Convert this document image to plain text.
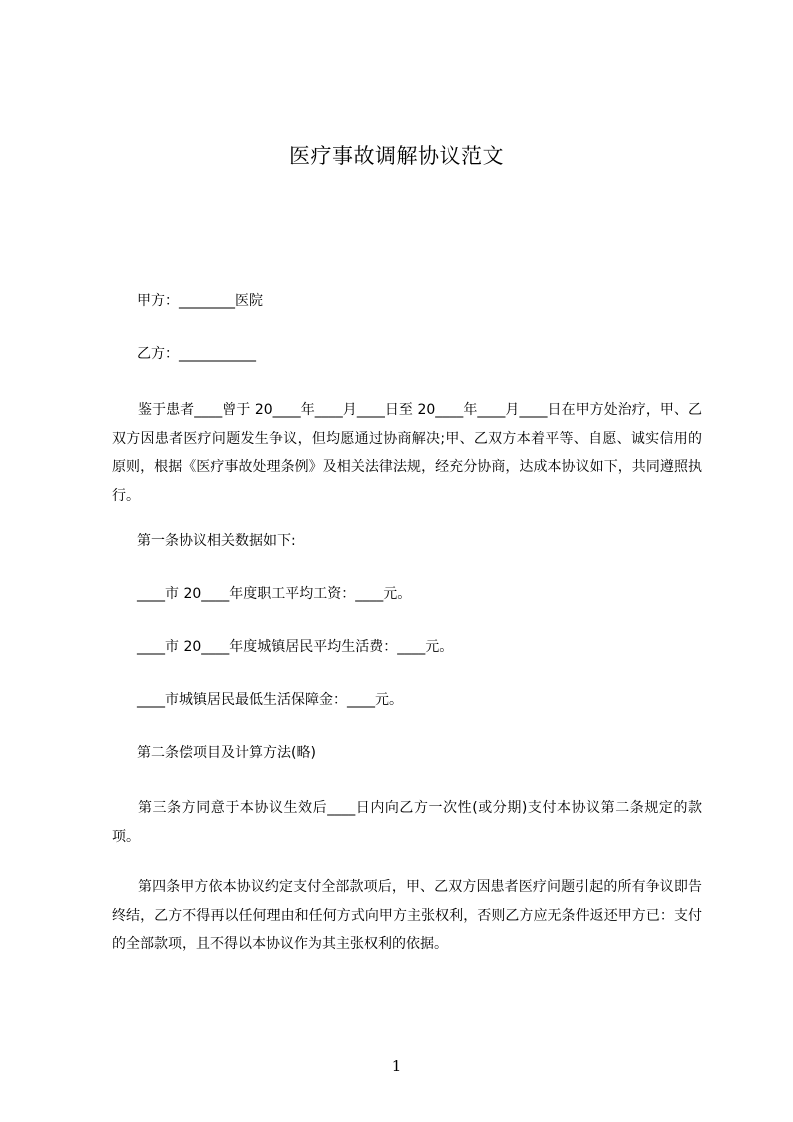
医疗事故调解协议范文
甲方：________医院
乙方：___________
鉴于患者____曾于 20____年____月____日至 20____年____月____日在甲方处治疗，甲、乙双方因患者医疗问题发生争议，但均愿通过协商解决;甲、乙双方本着平等、自愿、诚实信用的原则，根据《医疗事故处理条例》及相关法律法规，经充分协商，达成本协议如下，共同遵照执行。
第一条协议相关数据如下:
____市 20____年度职工平均工资：____元。
____市 20____年度城镇居民平均生活费：____元。
____市城镇居民最低生活保障金：____元。
第二条偿项目及计算方法(略)
第三条方同意于本协议生效后____日内向乙方一次性(或分期)支付本协议第二条规定的款项。
第四条甲方依本协议约定支付全部款项后，甲、乙双方因患者医疗问题引起的所有争议即告终结，乙方不得再以任何理由和任何方式向甲方主张权利，否则乙方应无条件返还甲方已：支付的全部款项，且不得以本协议作为其主张权利的依据。
1
